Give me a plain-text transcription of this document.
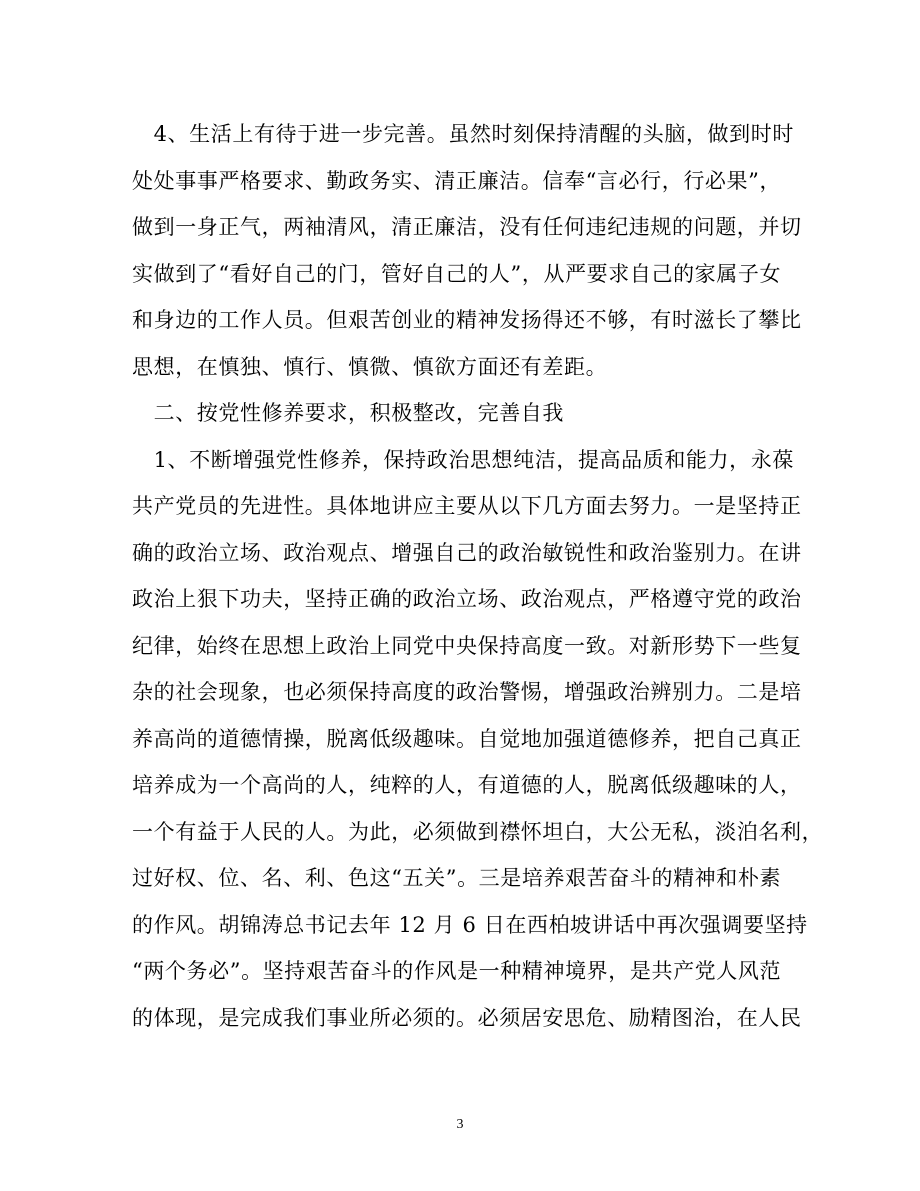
　4、生活上有待于进一步完善。虽然时刻保持清醒的头脑，做到时时
处处事事严格要求、勤政务实、清正廉洁。信奉“言必行，行必果”，
做到一身正气，两袖清风，清正廉洁，没有任何违纪违规的问题，并切
实做到了“看好自己的门，管好自己的人”，从严要求自己的家属子女
和身边的工作人员。但艰苦创业的精神发扬得还不够，有时滋长了攀比
思想，在慎独、慎行、慎微、慎欲方面还有差距。
　二、按党性修养要求，积极整改，完善自我
　1、不断增强党性修养，保持政治思想纯洁，提高品质和能力，永葆
共产党员的先进性。具体地讲应主要从以下几方面去努力。一是坚持正
确的政治立场、政治观点、增强自己的政治敏锐性和政治鉴别力。在讲
政治上狠下功夫，坚持正确的政治立场、政治观点，严格遵守党的政治
纪律，始终在思想上政治上同党中央保持高度一致。对新形势下一些复
杂的社会现象，也必须保持高度的政治警惕，增强政治辨别力。二是培
养高尚的道德情操，脱离低级趣味。自觉地加强道德修养，把自己真正
培养成为一个高尚的人，纯粹的人，有道德的人，脱离低级趣味的人，
一个有益于人民的人。为此，必须做到襟怀坦白，大公无私，淡泊名利，
过好权、位、名、利、色这“五关”。三是培养艰苦奋斗的精神和朴素
的作风。胡锦涛总书记去年 12 月 6 日在西柏坡讲话中再次强调要坚持
“两个务必”。坚持艰苦奋斗的作风是一种精神境界，是共产党人风范
的体现，是完成我们事业所必须的。必须居安思危、励精图治，在人民
3
